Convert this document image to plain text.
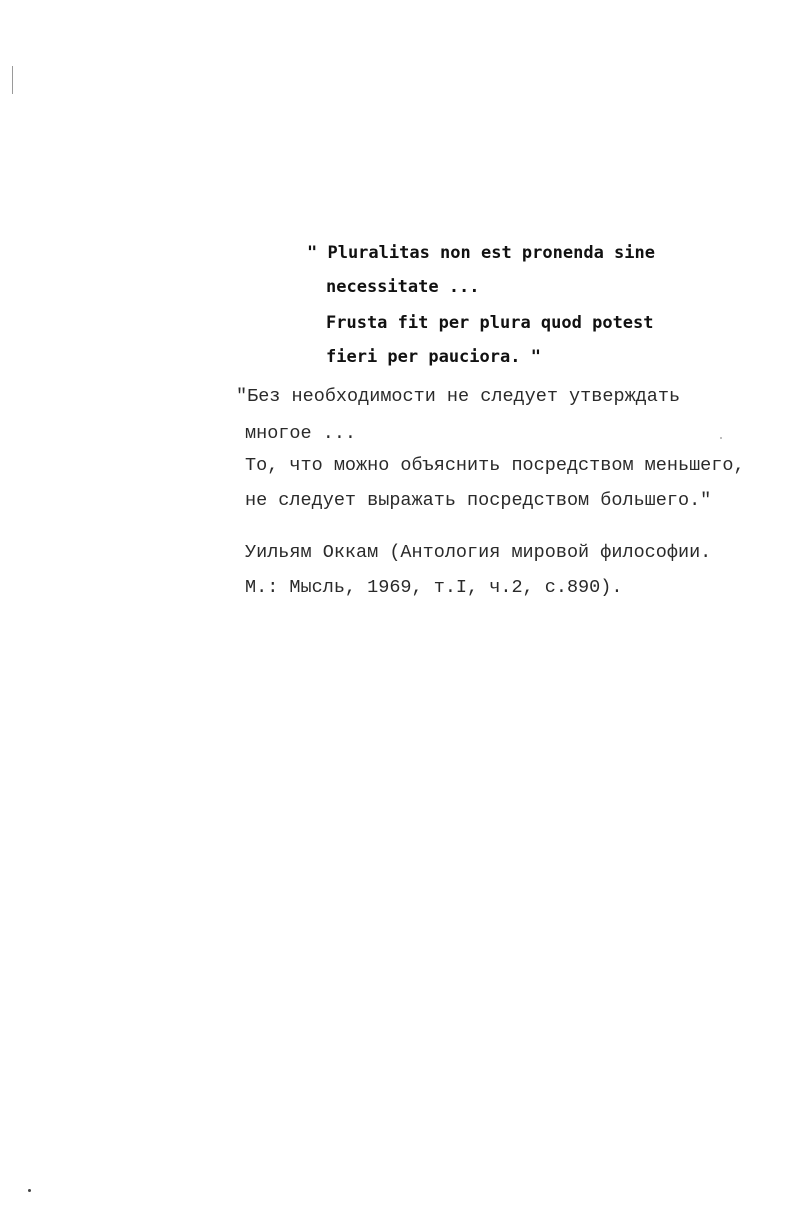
" Pluralitas non est pronenda sine
necessitate ...
Frusta fit per plura quod potest
fieri per pauciora. "
"Без необходимости не следует утверждать
многое ...
То, что можно объяснить посредством меньшего,
не следует выражать посредством большего."
Уильям Оккам (Антология мировой философии.
М.: Мысль, 1969, т.I, ч.2, с.890).
